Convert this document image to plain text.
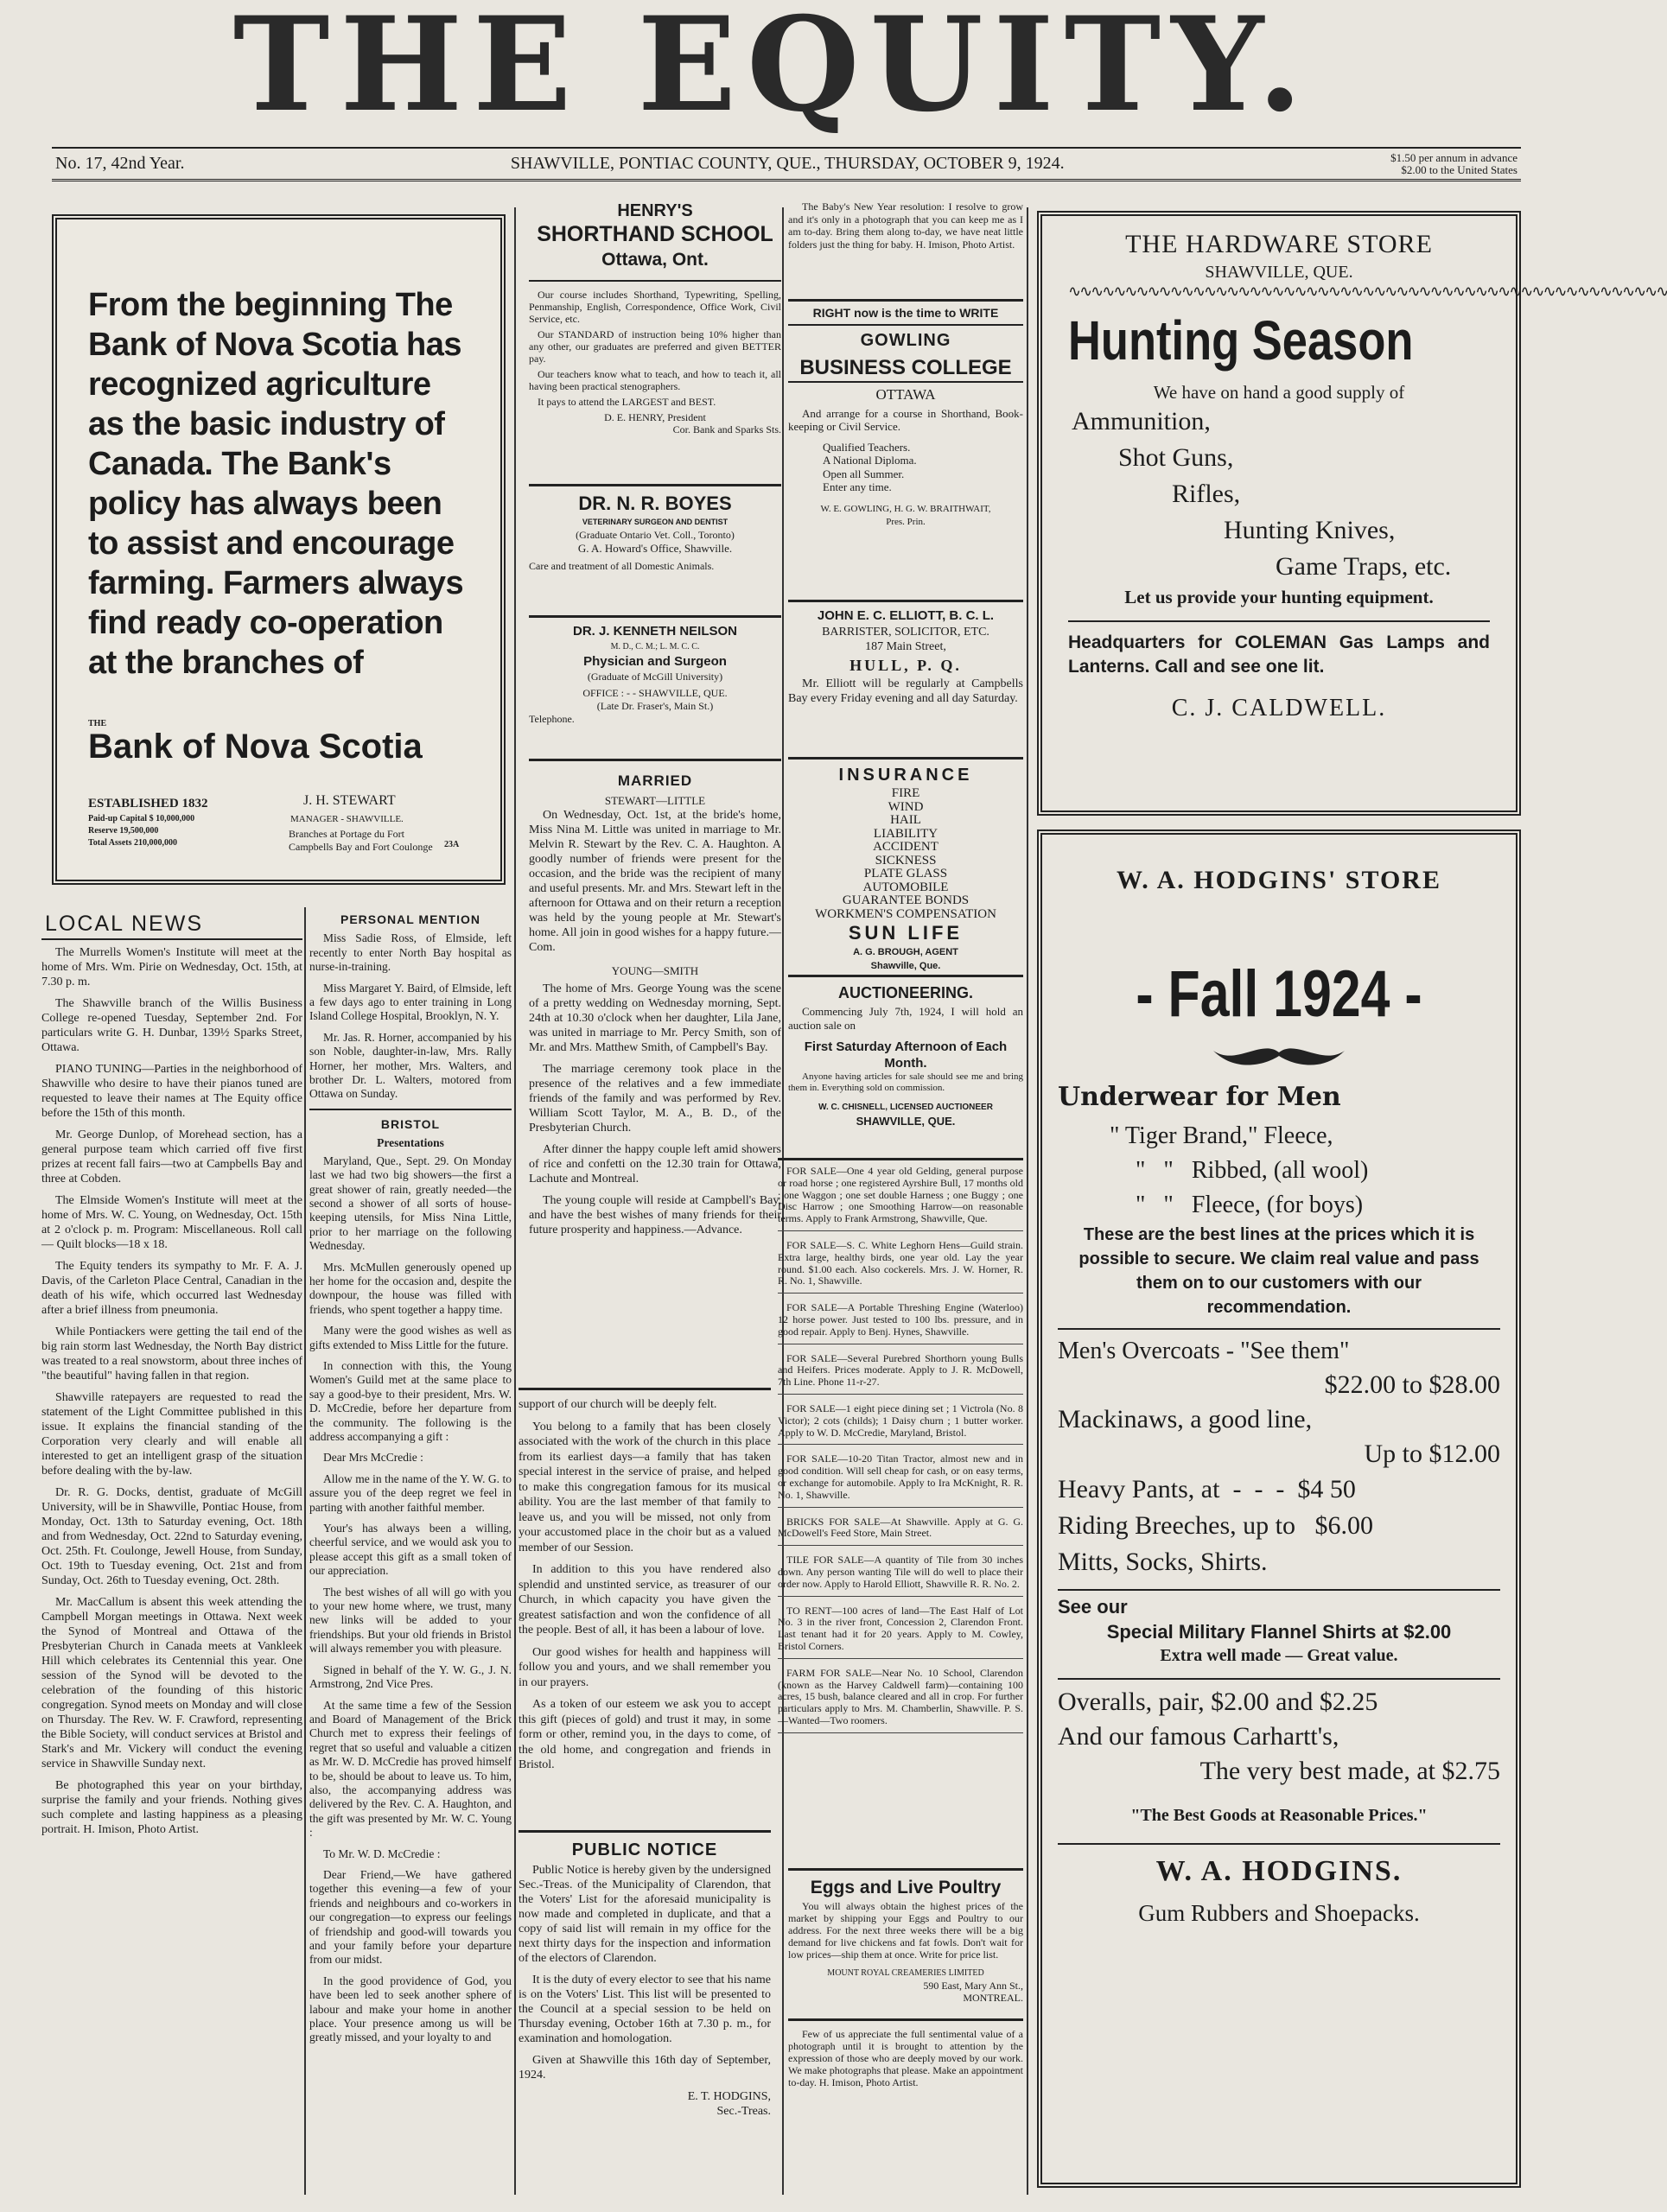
THE EQUITY.
No. 17, 42nd Year.	SHAWVILLE, PONTIAC COUNTY, QUE., THURSDAY, OCTOBER 9, 1924.	$1.50 per annum in advance
$2.00 to the United States
From the beginning The Bank of Nova Scotia has recognized agriculture as the basic industry of Canada. The Bank's policy has always been to assist and encourage farming. Farmers always find ready co-operation at the branches of
THE
Bank of Nova Scotia
ESTABLISHED 1832
Paid-up Capital $ 10,000,000
Reserve 19,500,000
Total Assets 210,000,000
J. H. STEWART
MANAGER - SHAWVILLE.
Branches at Portage du Fort Campbells Bay and Fort Coulonge	23A
HENRY'S
SHORTHAND SCHOOL
Ottawa, Ont.

Our course includes Shorthand, Typewriting, Spelling, Penmanship, English, Correspondence, Office Work, Civil Service, etc.

Our STANDARD of instruction being 10% higher than any other, our graduates are preferred and given BETTER pay.

Our teachers know what to teach, and how to teach it, all having been practical stenographers.

It pays to attend the LARGEST and BEST.

D. E. HENRY, President
Cor. Bank and Sparks Sts.
DR. N. R. BOYES
VETERINARY SURGEON AND DENTIST
(Graduate Ontario Vet. Coll., Toronto)
G. A. Howard's Office, Shawville.
Care and treatment of all Domestic Animals.
DR. J. KENNETH NEILSON
M. D., C. M.; L. M. C. C.
Physician and Surgeon
(Graduate of McGill University)
OFFICE : - - SHAWVILLE, QUE.
(Late Dr. Fraser's, Main St.)
Telephone.
MARRIED
STEWART—LITTLE

On Wednesday, Oct. 1st, at the bride's home, Miss Nina M. Little was united in marriage to Mr. Melvin R. Stewart by the Rev. C. A. Haughton. A goodly number of friends were present for the occasion, and the bride was the recipient of many and useful presents. Mr. and Mrs. Stewart left in the afternoon for Ottawa and on their return a reception was held by the young people at Mr. Stewart's home. All join in good wishes for a happy future.—Com.

YOUNG—SMITH

The home of Mrs. George Young was the scene of a pretty wedding on Wednesday morning, Sept. 24th at 10.30 o'clock when her daughter, Lila Jane, was united in marriage to Mr. Percy Smith, son of Mr. and Mrs. Matthew Smith, of Campbell's Bay.

The marriage ceremony took place in the presence of the relatives and a few immediate friends of the family and was performed by Rev. William Scott Taylor, M. A., B. D., of the Presbyterian Church.

After dinner the happy couple left amid showers of rice and confetti on the 12.30 train for Ottawa, Lachute and Montreal.

The young couple will reside at Campbell's Bay, and have the best wishes of many friends for their future prosperity and happiness.—Advance.

support of our church will be deeply felt.

You belong to a family that has been closely associated with the work of the church in this place from its earliest days—a family that has taken special interest in the service of praise, and helped to make this congregation famous for its musical ability. You are the last member of that family to leave us, and you will be missed, not only from your accustomed place in the choir but as a valued member of our Session.

In addition to this you have rendered also splendid and unstinted service, as treasurer of our Church, in which capacity you have given the greatest satisfaction and won the confidence of all the people. Best of all, it has been a labour of love.

Our good wishes for health and happiness will follow you and yours, and we shall remember you in our prayers.

As a token of our esteem we ask you to accept this gift (pieces of gold) and trust it may, in some form or other, remind you, in the days to come, of the old home, and congregation and friends in Bristol.

PUBLIC NOTICE

Public Notice is hereby given by the undersigned Sec.-Treas. of the Municipality of Clarendon, that the Voters' List for the aforesaid municipality is now made and completed in duplicate, and that a copy of said list will remain in my office for the next thirty days for the inspection and information of the electors of Clarendon.

It is the duty of every elector to see that his name is on the Voters' List. This list will be presented to the Council at a special session to be held on Thursday evening, October 16th at 7.30 p. m., for examination and homologation.

Given at Shawville this 16th day of September, 1924.

E. T. HODGINS,
Sec.-Treas.

The Baby's New Year resolution: I resolve to grow and it's only in a photograph that you can keep me as I am to-day. Bring them along to-day, we have neat little folders just the thing for baby. H. Imison, Photo Artist.

RIGHT now is the time to WRITE
GOWLING
BUSINESS COLLEGE
OTTAWA

And arrange for a course in Shorthand, Book-keeping or Civil Service.

Qualified Teachers.
A National Diploma.
Open all Summer.
Enter any time.
W. E. GOWLING, H. G. W. BRAITHWAIT,
Pres. Prin.
JOHN E. C. ELLIOTT, B. C. L.
BARRISTER, SOLICITOR, ETC.
187 Main Street,
HULL, P. Q.

Mr. Elliott will be regularly at Campbells Bay every Friday evening and all day Saturday.

INSURANCE
FIRE
WIND
HAIL
LIABILITY
ACCIDENT
SICKNESS
PLATE GLASS
AUTOMOBILE
GUARANTEE BONDS
WORKMEN'S COMPENSATION
SUN LIFE
A. G. BROUGH, AGENT
Shawville, Que.
AUCTIONEERING.

Commencing July 7th, 1924, I will hold an auction sale on

First Saturday Afternoon of Each Month.

Anyone having articles for sale should see me and bring them in. Everything sold on commission.

W. C. CHISNELL, LICENSED AUCTIONEER
SHAWVILLE, QUE.

FOR SALE—One 4 year old Gelding, general purpose or road horse ; one registered Ayrshire Bull, 17 months old ; one Waggon ; one set double Harness ; one Buggy ; one Disc Harrow ; one Smoothing Harrow—on reasonable terms. Apply to Frank Armstrong, Shawville, Que.

FOR SALE—S. C. White Leghorn Hens—Guild strain. Extra large, healthy birds, one year old. Lay the year round. $1.00 each. Also cockerels. Mrs. J. W. Horner, R. R. No. 1, Shawville.

FOR SALE—A Portable Threshing Engine (Waterloo) 12 horse power. Just tested to 100 lbs. pressure, and in good repair. Apply to Benj. Hynes, Shawville.

FOR SALE—Several Purebred Shorthorn young Bulls and Heifers. Prices moderate. Apply to J. R. McDowell, 7th Line. Phone 11-r-27.

FOR SALE—1 eight piece dining set ; 1 Victrola (No. 8 Victor); 2 cots (childs); 1 Daisy churn ; 1 butter worker. Apply to W. D. McCredie, Maryland, Bristol.

FOR SALE—10-20 Titan Tractor, almost new and in good condition. Will sell cheap for cash, or on easy terms, or exchange for automobile. Apply to Ira McKnight, R. R. No. 1, Shawville.

BRICKS FOR SALE—At Shawville. Apply at G. G. McDowell's Feed Store, Main Street.

TILE FOR SALE—A quantity of Tile from 30 inches down. Any person wanting Tile will do well to place their order now. Apply to Harold Elliott, Shawville R. R. No. 2.

TO RENT—100 acres of land—The East Half of Lot No. 3 in the river front, Concession 2, Clarendon Front. Last tenant had it for 20 years. Apply to M. Cowley, Bristol Corners.

FARM FOR SALE—Near No. 10 School, Clarendon (known as the Harvey Caldwell farm)—containing 100 acres, 15 bush, balance cleared and all in crop. For further particulars apply to Mrs. M. Chamberlin, Shawville. P. S.—Wanted—Two roomers.

Eggs and Live Poultry

You will always obtain the highest prices of the market by shipping your Eggs and Poultry to our address. For the next three weeks there will be a big demand for live chickens and fat fowls. Don't wait for low prices—ship them at once. Write for price list.

MOUNT ROYAL CREAMERIES LIMITED
590 East, Mary Ann St.,
MONTREAL.

Few of us appreciate the full sentimental value of a photograph until it is brought to attention by the expression of those who are deeply moved by our work. We make photographs that please. Make an appointment to-day. H. Imison, Photo Artist.

LOCAL NEWS

The Murrells Women's Institute will meet at the home of Mrs. Wm. Pirie on Wednesday, Oct. 15th, at 7.30 p. m.

The Shawville branch of the Willis Business College re-opened Tuesday, September 2nd. For particulars write G. H. Dunbar, 139½ Sparks Street, Ottawa.

PIANO TUNING—Parties in the neighborhood of Shawville who desire to have their pianos tuned are requested to leave their names at The Equity office before the 15th of this month.

Mr. George Dunlop, of Morehead section, has a general purpose team which carried off five first prizes at recent fall fairs—two at Campbells Bay and three at Cobden.

The Elmside Women's Institute will meet at the home of Mrs. W. C. Young, on Wednesday, Oct. 15th at 2 o'clock p. m. Program: Miscellaneous. Roll call — Quilt blocks—18 x 18.

The Equity tenders its sympathy to Mr. F. A. J. Davis, of the Carleton Place Central, Canadian in the death of his wife, which occurred last Wednesday after a brief illness from pneumonia.

While Pontiackers were getting the tail end of the big rain storm last Wednesday, the North Bay district was treated to a real snowstorm, about three inches of "the beautiful" having fallen in that region.

Shawville ratepayers are requested to read the statement of the Light Committee published in this issue. It explains the financial standing of the Corporation very clearly and will enable all interested to get an intelligent grasp of the situation before dealing with the by-law.

Dr. R. G. Docks, dentist, graduate of McGill University, will be in Shawville, Pontiac House, from Monday, Oct. 13th to Saturday evening, Oct. 18th and from Wednesday, Oct. 22nd to Saturday evening, Oct. 25th. Ft. Coulonge, Jewell House, from Sunday, Oct. 19th to Tuesday evening, Oct. 21st and from Sunday, Oct. 26th to Tuesday evening, Oct. 28th.

Mr. MacCallum is absent this week attending the Campbell Morgan meetings in Ottawa. Next week the Synod of Montreal and Ottawa of the Presbyterian Church in Canada meets at Vankleek Hill which celebrates its Centennial this year. One session of the Synod will be devoted to the celebration of the founding of this historic congregation. Synod meets on Monday and will close on Thursday. The Rev. W. F. Crawford, representing the Bible Society, will conduct services at Bristol and Stark's and Mr. Vickery will conduct the evening service in Shawville Sunday next.

Be photographed this year on your birthday, surprise the family and your friends. Nothing gives such complete and lasting happiness as a pleasing portrait. H. Imison, Photo Artist.

PERSONAL MENTION

Miss Sadie Ross, of Elmside, left recently to enter North Bay hospital as nurse-in-training.

Miss Margaret Y. Baird, of Elmside, left a few days ago to enter training in Long Island College Hospital, Brooklyn, N. Y.

Mr. Jas. R. Horner, accompanied by his son Noble, daughter-in-law, Mrs. Rally Horner, her mother, Mrs. Walters, and brother Dr. L. Walters, motored from Ottawa on Sunday.

BRISTOL
Presentations

Maryland, Que., Sept. 29. On Monday last we had two big showers—the first a great shower of rain, greatly needed—the second a shower of all sorts of house-keeping utensils, for Miss Nina Little, prior to her marriage on the following Wednesday.

Mrs. McMullen generously opened up her home for the occasion and, despite the downpour, the house was filled with friends, who spent together a happy time.

Many were the good wishes as well as gifts extended to Miss Little for the future.

In connection with this, the Young Women's Guild met at the same place to say a good-bye to their president, Mrs. W. D. McCredie, before her departure from the community. The following is the address accompanying a gift :

Dear Mrs McCredie :

Allow me in the name of the Y. W. G. to assure you of the deep regret we feel in parting with another faithful member.

Your's has always been a willing, cheerful service, and we would ask you to please accept this gift as a small token of our appreciation.

The best wishes of all will go with you to your new home where, we trust, many new links will be added to your friendships. But your old friends in Bristol will always remember you with pleasure.

Signed in behalf of the Y. W. G., J. N. Armstrong, 2nd Vice Pres.

At the same time a few of the Session and Board of Management of the Brick Church met to express their feelings of regret that so useful and valuable a citizen as Mr. W. D. McCredie has proved himself to be, should be about to leave us. To him, also, the accompanying address was delivered by the Rev. C. A. Haughton, and the gift was presented by Mr. W. C. Young :

To Mr. W. D. McCredie :

Dear Friend,—We have gathered together this evening—a few of your friends and neighbours and co-workers in our congregation—to express our feelings of friendship and good-will towards you and your family before your departure from our midst.

In the good providence of God, you have been led to seek another sphere of labour and make your home in another place. Your presence among us will be greatly missed, and your loyalty to and

THE HARDWARE STORE
SHAWVILLE, QUE.
∿∿∿∿∿∿∿∿∿∿∿∿∿∿∿∿∿∿∿∿∿∿∿∿∿∿∿∿∿∿∿∿∿∿∿∿∿∿∿∿∿∿∿∿∿∿∿∿∿∿∿∿∿
Hunting Season
We have on hand a good supply of
Ammunition,
Shot Guns,
Rifles,
Hunting Knives,
Game Traps, etc.
Let us provide your hunting equipment.
Headquarters for COLEMAN Gas Lamps and Lanterns. Call and see one lit.
C. J. CALDWELL.
W. A. HODGINS' STORE
- Fall 1924 -
Underwear for Men
" Tiger Brand," Fleece,
"   "   Ribbed, (all wool)
"   "   Fleece, (for boys)
These are the best lines at the prices which it is possible to secure. We claim real value and pass them on to our customers with our recommendation.
Men's Overcoats - "See them"
$22.00 to $28.00
Mackinaws, a good line,
Up to $12.00
Heavy Pants, at  -  -  -  $4 50
Riding Breeches, up to   $6.00
Mitts, Socks, Shirts.
See our
Special Military Flannel Shirts at $2.00
Extra well made — Great value.
Overalls, pair, $2.00 and $2.25
And our famous Carhartt's,
The very best made, at $2.75
"The Best Goods at Reasonable Prices."
W. A. HODGINS.
Gum Rubbers and Shoepacks.
